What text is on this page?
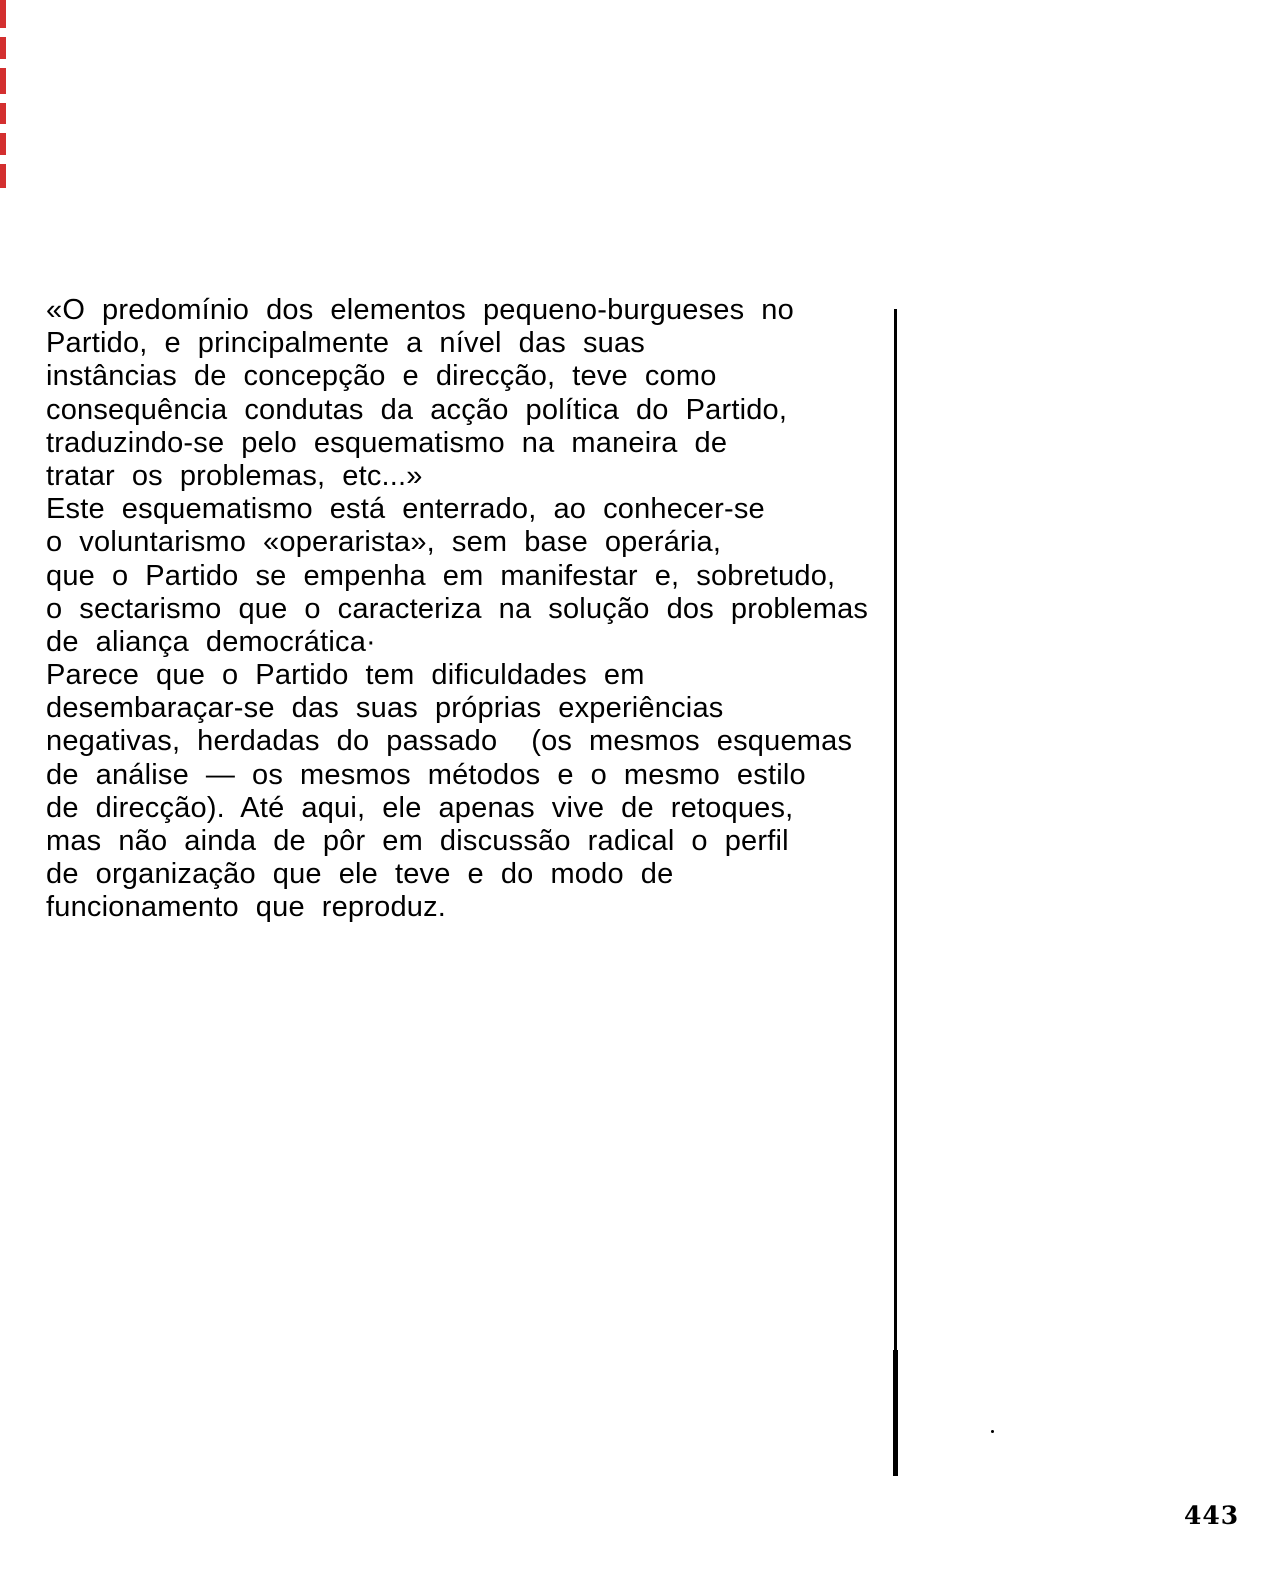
«O predomínio dos elementos pequeno-burgueses no
Partido, e principalmente a nível das suas
instâncias de concepção e direcção, teve como
consequência condutas da acção política do Partido,
traduzindo-se pelo esquematismo na maneira de
tratar os problemas, etc...»
Este esquematismo está enterrado, ao conhecer-se
o voluntarismo «operarista», sem base operária,
que o Partido se empenha em manifestar e, sobretudo,
o sectarismo que o caracteriza na solução dos problemas
de aliança democrática·
Parece que o Partido tem dificuldades em
desembaraçar-se das suas próprias experiências
negativas, herdadas do passado  (os mesmos esquemas
de análise — os mesmos métodos e o mesmo estilo
de direcção). Até aqui, ele apenas vive de retoques,
mas não ainda de pôr em discussão radical o perfil
de organização que ele teve e do modo de
funcionamento que reproduz.
443
